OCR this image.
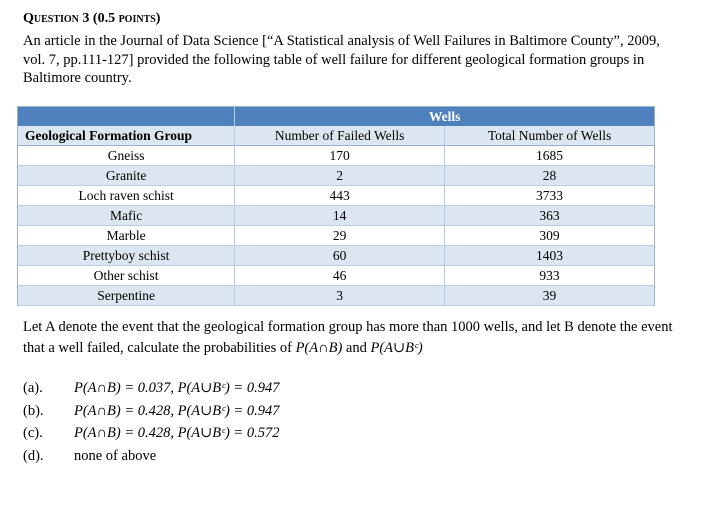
Question 3 (0.5 points)
An article in the Journal of Data Science [“A Statistical analysis of Well Failures in Baltimore County”, 2009, vol. 7, pp.111-127] provided the following table of well failure for different geological formation groups in Baltimore country.
	Wells	
Geological Formation Group	Number of Failed Wells	Total Number of Wells
Gneiss	170	1685
Granite	2	28
Loch raven schist	443	3733
Mafic	14	363
Marble	29	309
Prettyboy schist	60	1403
Other schist	46	933
Serpentine	3	39
Let A denote the event that the geological formation group has more than 1000 wells, and let B denote the event that a well failed, calculate the probabilities of P(A∩B) and P(A∪Bᶜ)
(a).	P(A∩B) = 0.037, P(A∪Bᶜ) = 0.947
(b).	P(A∩B) = 0.428, P(A∪Bᶜ) = 0.947
(c).	P(A∩B) = 0.428, P(A∪Bᶜ) = 0.572
(d).	none of above
